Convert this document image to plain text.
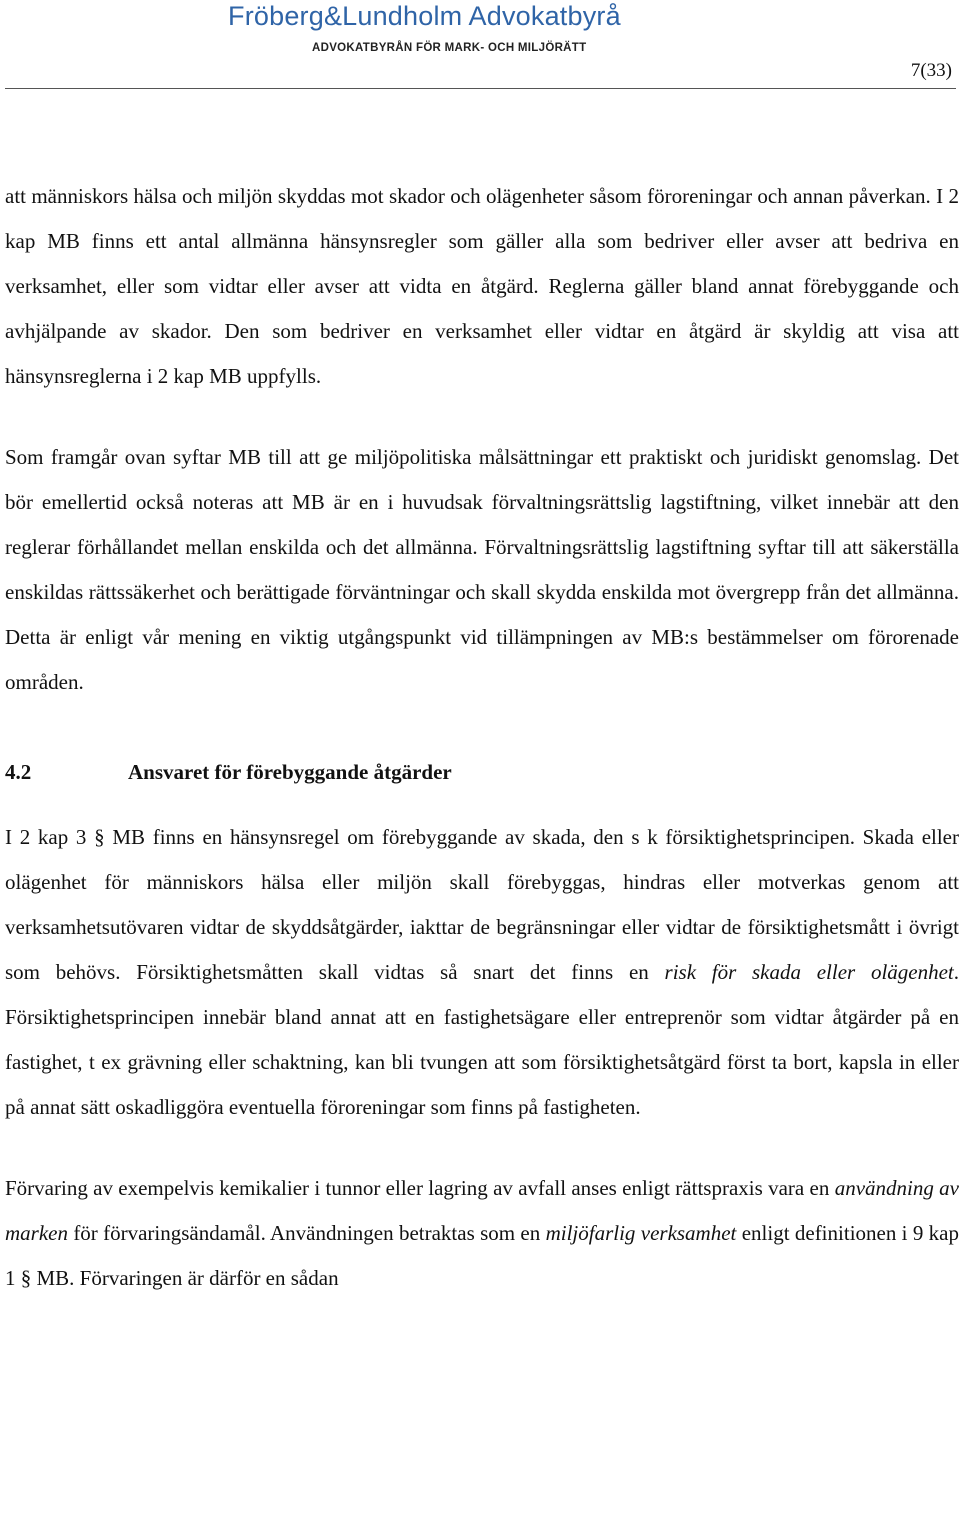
Fröberg&Lundholm Advokatbyrå
ADVOKATBYRÅN FÖR MARK- OCH MILJÖRÄTT
7(33)

att människors hälsa och miljön skyddas mot skador och olägenheter såsom föroreningar och annan påverkan. I 2 kap MB finns ett antal allmänna hänsynsregler som gäller alla som bedriver eller avser att bedriva en verksamhet, eller som vidtar eller avser att vidta en åtgärd. Reglerna gäller bland annat förebyggande och avhjälpande av skador. Den som bedriver en verksamhet eller vidtar en åtgärd är skyldig att visa att hänsynsreglerna i 2 kap MB uppfylls.

Som framgår ovan syftar MB till att ge miljöpolitiska målsättningar ett praktiskt och juridiskt genomslag. Det bör emellertid också noteras att MB är en i huvudsak förvaltningsrättslig lagstiftning, vilket innebär att den reglerar förhållandet mellan enskilda och det allmänna. Förvaltningsrättslig lagstiftning syftar till att säkerställa enskildas rättssäkerhet och berättigade förväntningar och skall skydda enskilda mot övergrepp från det allmänna. Detta är enligt vår mening en viktig utgångspunkt vid tillämpningen av MB:s bestämmelser om förorenade områden.

4.2	Ansvaret för förebyggande åtgärder

I 2 kap 3 § MB finns en hänsynsregel om förebyggande av skada, den s k försiktighetsprincipen. Skada eller olägenhet för människors hälsa eller miljön skall förebyggas, hindras eller motverkas genom att verksamhetsutövaren vidtar de skyddsåtgärder, iakttar de begränsningar eller vidtar de försiktighetsmått i övrigt som behövs. Försiktighetsmåtten skall vidtas så snart det finns en risk för skada eller olägenhet. Försiktighetsprincipen innebär bland annat att en fastighetsägare eller entreprenör som vidtar åtgärder på en fastighet, t ex grävning eller schaktning, kan bli tvungen att som försiktighetsåtgärd först ta bort, kapsla in eller på annat sätt oskadliggöra eventuella föroreningar som finns på fastigheten.

Förvaring av exempelvis kemikalier i tunnor eller lagring av avfall anses enligt rättspraxis vara en användning av marken för förvaringsändamål. Användningen betraktas som en miljöfarlig verksamhet enligt definitionen i 9 kap 1 § MB. Förvaringen är därför en sådan
